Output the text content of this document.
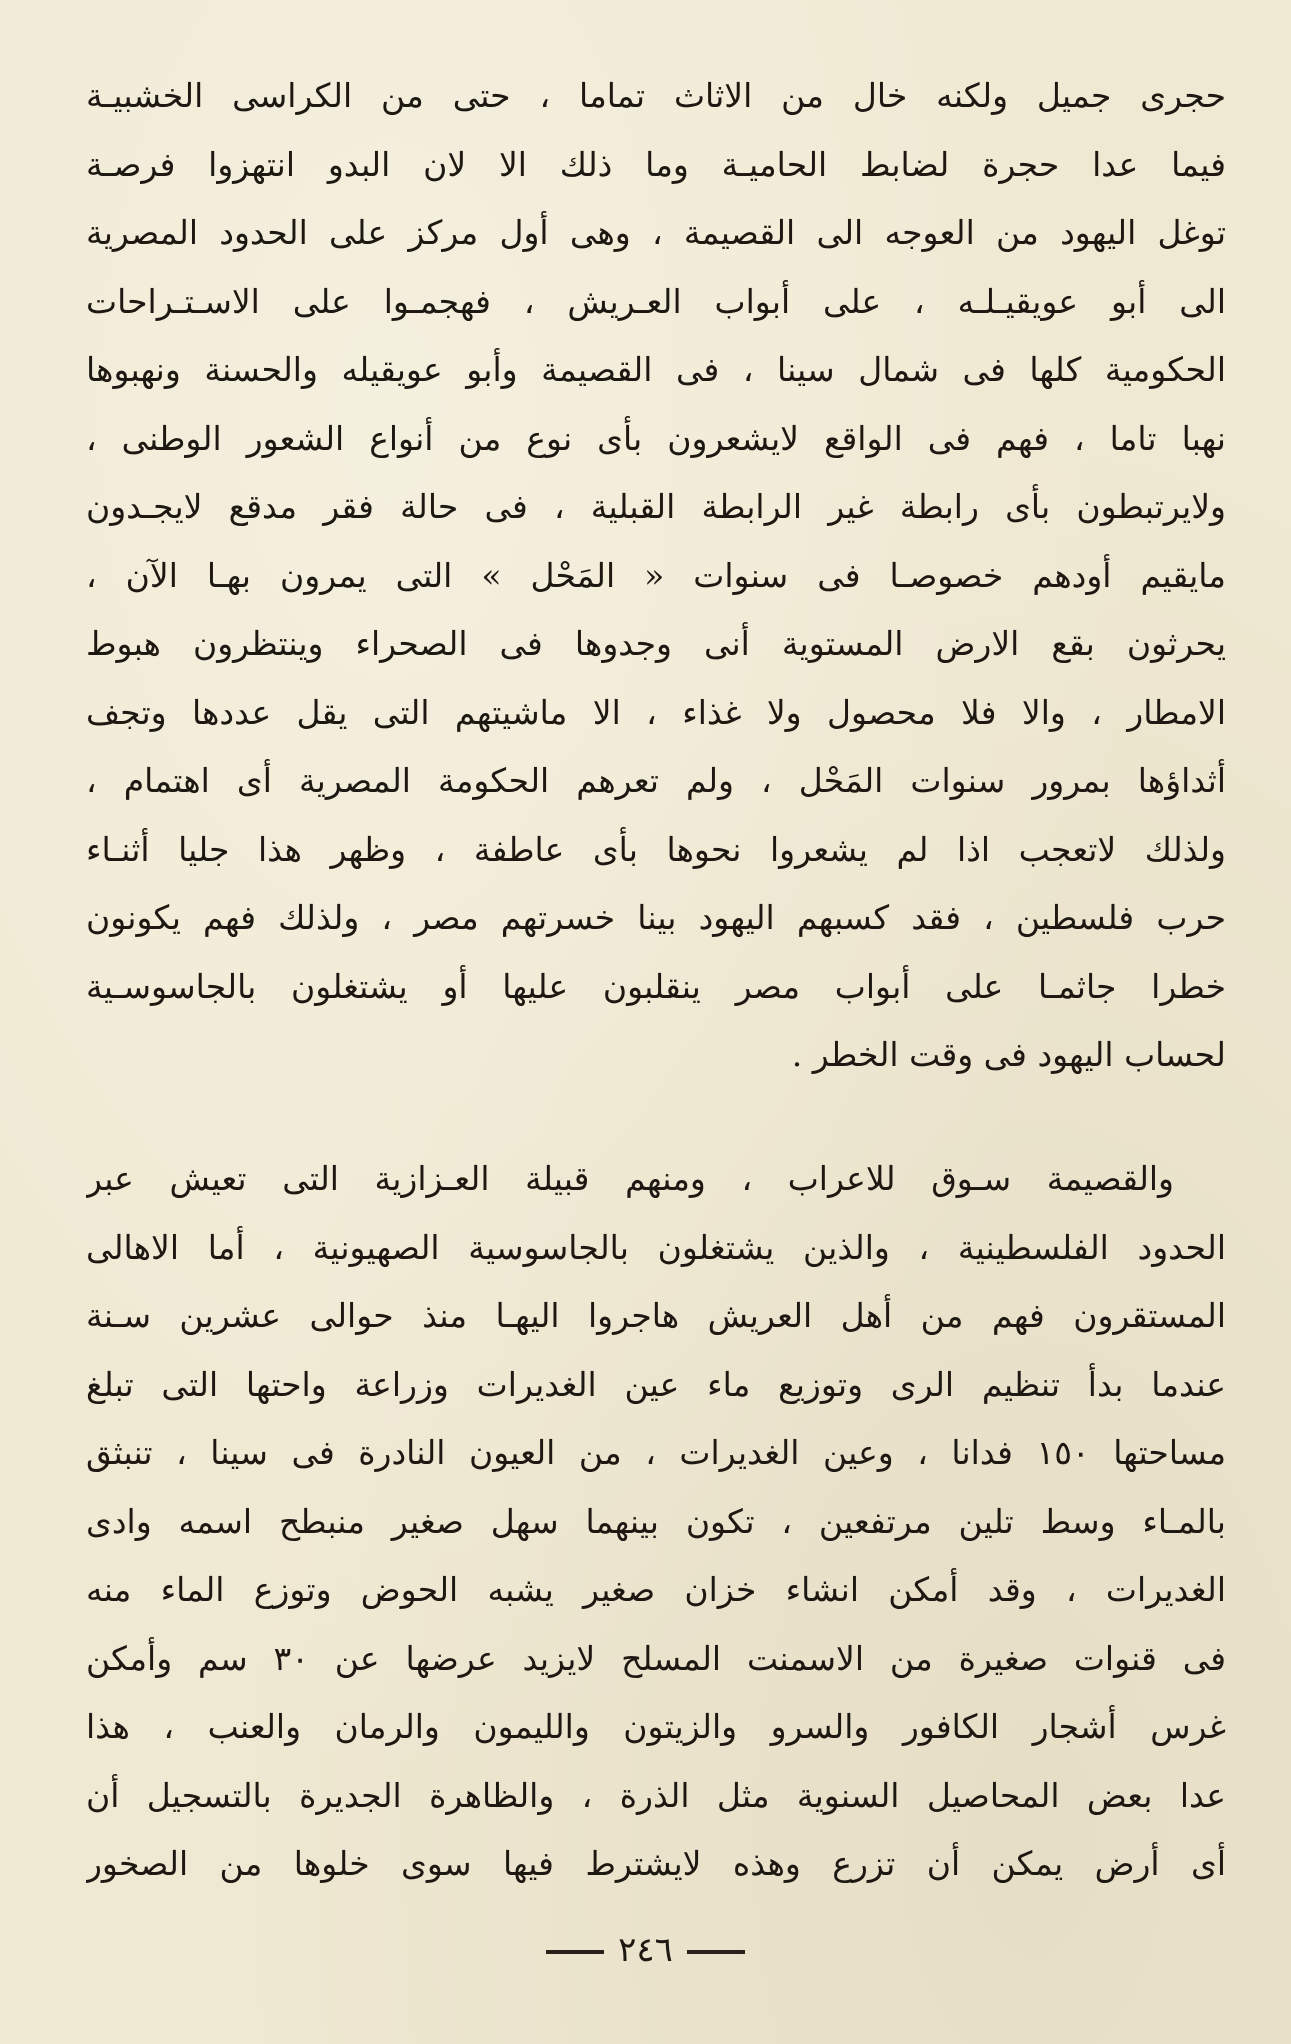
حجرى جميل ولكنه خال من الاثاث تماما ، حتى من الكراسى الخشبيـة
فيما عدا حجرة لضابط الحاميـة وما ذلك الا لان البدو انتهزوا فرصـة
توغل اليهود من العوجه الى القصيمة ، وهى أول مركز على الحدود المصرية
الى أبو عويقيـلـه ، على أبواب العـريش ، فهجمـوا على الاسـتـراحات
الحكومية كلها فى شمال سينا ، فى القصيمة وأبو عويقيله والحسنة ونهبوها
نهبا تاما ، فهم فى الواقع لايشعرون بأى نوع من أنواع الشعور الوطنى ،
ولايرتبطون بأى رابطة غير الرابطة القبلية ، فى حالة فقر مدقع لايجـدون
مايقيم أودهم خصوصـا فى سنوات « المَحْل » التى يمرون بهـا الآن ،
يحرثون بقع الارض المستوية أنى وجدوها فى الصحراء وينتظرون هبوط
الامطار ، والا فلا محصول ولا غذاء ، الا ماشيتهم التى يقل عددها وتجف
أثداؤها بمرور سنوات المَحْل ، ولم تعرهم الحكومة المصرية أى اهتمام ،
ولذلك لاتعجب اذا لم يشعروا نحوها بأى عاطفة ، وظهر هذا جليا أثنـاء
حرب فلسطين ، فقد كسبهم اليهود بينا خسرتهم مصر ، ولذلك فهم يكونون
خطرا جاثمـا على أبواب مصر ينقلبون عليها أو يشتغلون بالجاسوسـية
لحساب اليهود فى وقت الخطر .
والقصيمة سـوق للاعراب ، ومنهم قبيلة العـزازية التى تعيش عبر
الحدود الفلسطينية ، والذين يشتغلون بالجاسوسية الصهيونية ، أما الاهالى
المستقرون فهم من أهل العريش هاجروا اليهـا منذ حوالى عشرين سـنة
عندما بدأ تنظيم الرى وتوزيع ماء عين الغديرات وزراعة واحتها التى تبلغ
مساحتها ١٥٠ فدانا ، وعين الغديرات ، من العيون النادرة فى سينا ، تنبثق
بالمـاء وسط تلين مرتفعين ، تكون بينهما سهل صغير منبطح اسمه وادى
الغديرات ، وقد أمكن انشاء خزان صغير يشبه الحوض وتوزع الماء منه
فى قنوات صغيرة من الاسمنت المسلح لايزيد عرضها عن ٣٠ سم وأمكن
غرس أشجار الكافور والسرو والزيتون والليمون والرمان والعنب ، هذا
عدا بعض المحاصيل السنوية مثل الذرة ، والظاهرة الجديرة بالتسجيل أن
أى أرض يمكن أن تزرع وهذه لايشترط فيها سوى خلوها من الصخور
٢٤٦
